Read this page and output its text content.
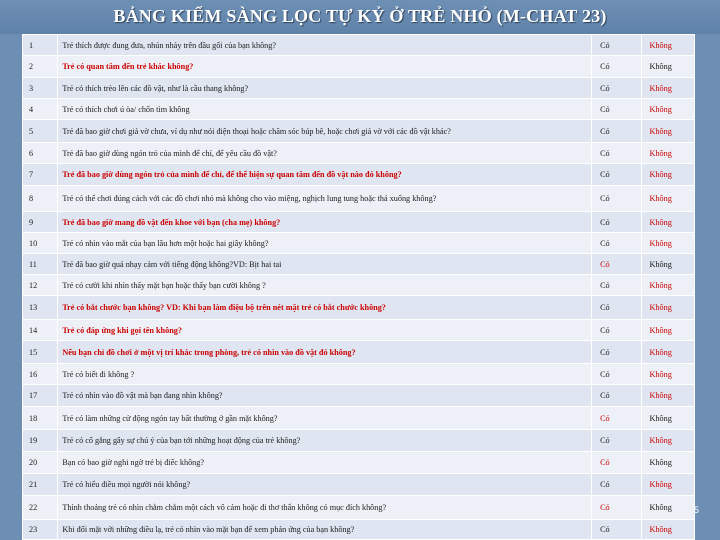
BẢNG KIỂM SÀNG LỌC TỰ KỶ Ở TRẺ NHỎ (M-CHAT 23)
1	Trẻ thích được đung đưa, nhún nhảy trên đầu gối của bạn không?	Có	Không
2	Trẻ có quan tâm đến trẻ khác không?	Có	Không
3	Trẻ có thích trèo lên các đồ vật, như là cầu thang không?	Có	Không
4	Trẻ có thích chơi ú òa/ chốn tìm không	Có	Không
5	Trẻ đã bao giờ chơi giả vờ chưa, ví dụ như nói điện thoại hoặc chăm sóc búp bê, hoặc chơi giả vờ với các đồ vật khác?	Có	Không
6	Trẻ đã bao giờ dùng ngón trỏ của mình để chỉ, để yêu cầu đồ vật?	Có	Không
7	Trẻ đã bao giờ dùng ngón trỏ của mình để chỉ, để thể hiện sự quan tâm đến đồ vật nào đó không?	Có	Không
8	Trẻ có thể chơi đúng cách với các đồ chơi nhỏ mà không cho vào miệng, nghịch lung tung hoặc thả xuống không?	Có	Không
9	Trẻ đã bao giờ mang đồ vật đến khoe với bạn (cha mẹ) không?	Có	Không
10	Trẻ có nhìn vào mắt của bạn lâu hơn một hoặc hai giây không?	Có	Không
11	Trẻ đã bao giờ quá nhạy cảm với tiếng động không?VD: Bịt hai tai	Có	Không
12	Trẻ có cười khi nhìn thấy mặt bạn hoặc thấy bạn cười không ?	Có	Không
13	Trẻ có bắt chước bạn không? VD: Khi bạn làm điệu bộ trên nét mặt trẻ có bắt chước không?	Có	Không
14	Trẻ có đáp ứng khi gọi tên không?	Có	Không
15	Nếu bạn chỉ đồ chơi ở một vị trí khác trong phòng, trẻ có nhìn vào đồ vật đó không?	Có	Không
16	Trẻ có biết đi không ?	Có	Không
17	Trẻ có nhìn vào đồ vật mà bạn đang nhìn không?	Có	Không
18	Trẻ có làm những cử động ngón tay bất thường ở gần mặt không?	Có	Không
19	Trẻ có cố gắng gây sự chú ý của bạn tới những hoạt động của trẻ không?	Có	Không
20	Bạn có bao giờ nghi ngờ trẻ bị điếc không?	Có	Không
21	Trẻ có hiểu điều mọi người nói không?	Có	Không
22	Thỉnh thoảng trẻ có nhìn chằm chằm một cách vô cảm hoặc đi thơ thẩn không có mục đích không?	Có	Không
23	Khi đối mặt với những điều lạ, trẻ có nhìn vào mặt bạn để xem phản ứng của bạn không?	Có	Không
5
